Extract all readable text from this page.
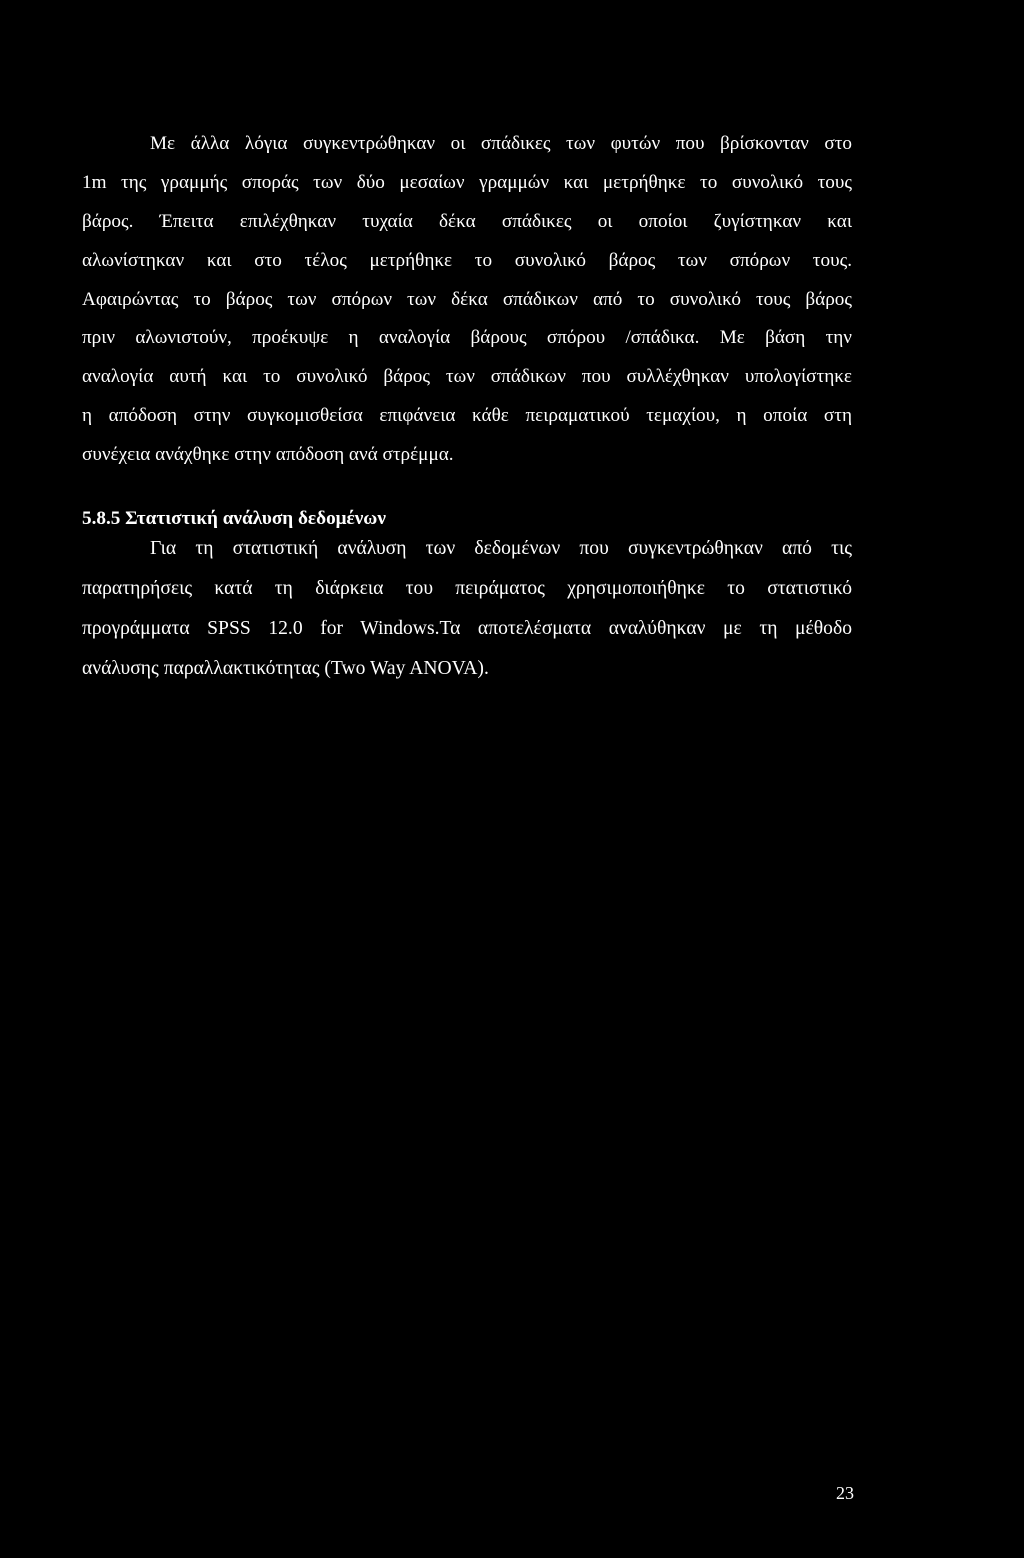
Με άλλα λόγια συγκεντρώθηκαν οι σπάδικες των φυτών που βρίσκονταν στο
1m της γραμμής σποράς των δύο μεσαίων γραμμών και μετρήθηκε το συνολικό τους
βάρος. Έπειτα επιλέχθηκαν τυχαία δέκα σπάδικες οι οποίοι ζυγίστηκαν και
αλωνίστηκαν και στο τέλος μετρήθηκε το συνολικό βάρος των σπόρων τους.
Αφαιρώντας το βάρος των σπόρων των δέκα σπάδικων από το συνολικό τους βάρος
πριν αλωνιστούν, προέκυψε η αναλογία βάρους σπόρου /σπάδικα. Με βάση την
αναλογία αυτή και το συνολικό βάρος των σπάδικων που συλλέχθηκαν υπολογίστηκε
η απόδοση στην συγκομισθείσα επιφάνεια κάθε πειραματικού τεμαχίου, η οποία στη
συνέχεια ανάχθηκε στην απόδοση ανά στρέμμα.
5.8.5 Στατιστική ανάλυση δεδομένων
Για τη στατιστική ανάλυση των δεδομένων που συγκεντρώθηκαν από τις
παρατηρήσεις κατά τη διάρκεια του πειράματος χρησιμοποιήθηκε το στατιστικό
προγράμματα SPSS 12.0 for Windows.Τα αποτελέσματα αναλύθηκαν με τη μέθοδο
ανάλυσης παραλλακτικότητας (Two Way ANOVA).
23
